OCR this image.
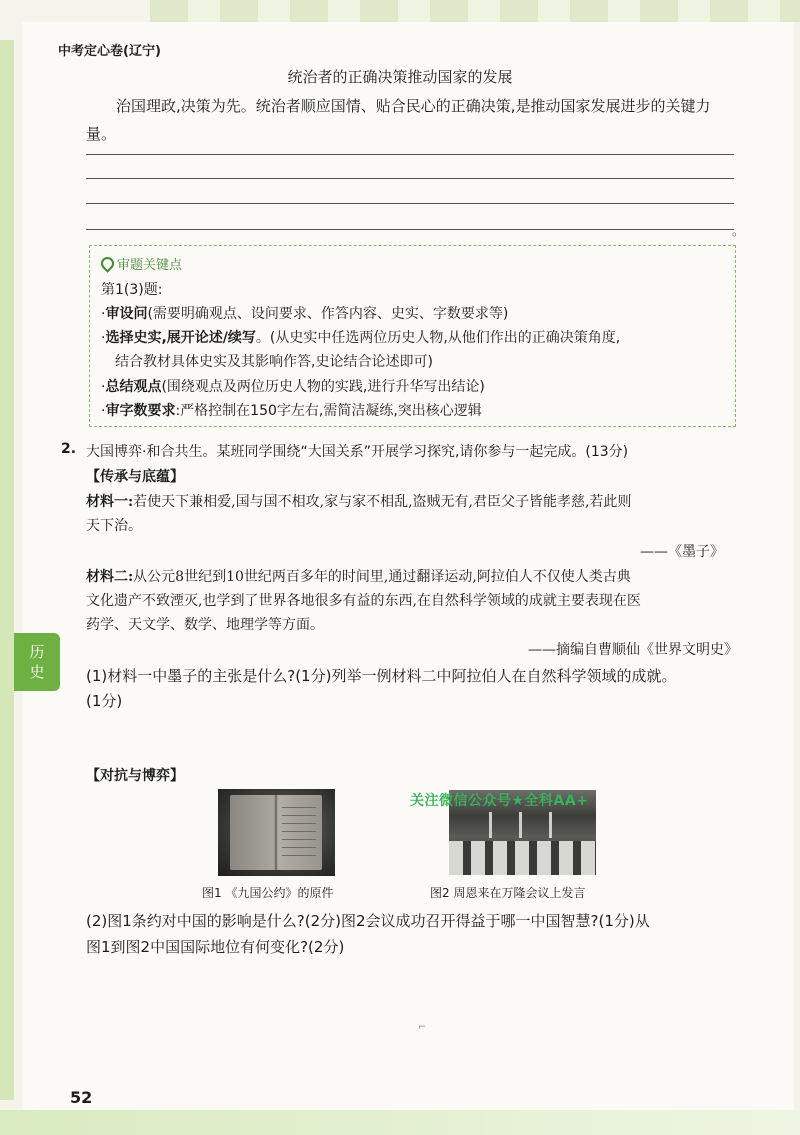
中考定心卷(辽宁)
统治者的正确决策推动国家的发展
治国理政,决策为先。统治者顺应国情、贴合民心的正确决策,是推动国家发展进步的关键力量。
。
审题关键点
第1(3)题:
·审设问(需要明确观点、设问要求、作答内容、史实、字数要求等)
·选择史实,展开论述/续写。(从史实中任选两位历史人物,从他们作出的正确决策角度,
结合教材具体史实及其影响作答,史论结合论述即可)
·总结观点(围绕观点及两位历史人物的实践,进行升华写出结论)
·审字数要求:严格控制在150字左右,需简洁凝练,突出核心逻辑
历
史
2. 大国博弈·和合共生。某班同学围绕“大国关系”开展学习探究,请你参与一起完成。(13分)
【传承与底蕴】
材料一:若使天下兼相爱,国与国不相攻,家与家不相乱,盗贼无有,君臣父子皆能孝慈,若此则
天下治。
——《墨子》
材料二:从公元8世纪到10世纪两百多年的时间里,通过翻译运动,阿拉伯人不仅使人类古典
文化遗产不致湮灭,也学到了世界各地很多有益的东西,在自然科学领域的成就主要表现在医
药学、天文学、数学、地理学等方面。
——摘编自曹顺仙《世界文明史》
(1)材料一中墨子的主张是什么?(1分)列举一例材料二中阿拉伯人在自然科学领域的成就。
(1分)
【对抗与博弈】
关注微信公众号★全科AA+
图1 《九国公约》的原件	图2 周恩来在万隆会议上发言
(2)图1条约对中国的影响是什么?(2分)图2会议成功召开得益于哪一中国智慧?(1分)从
图1到图2中国国际地位有何变化?(2分)
⌐
52
